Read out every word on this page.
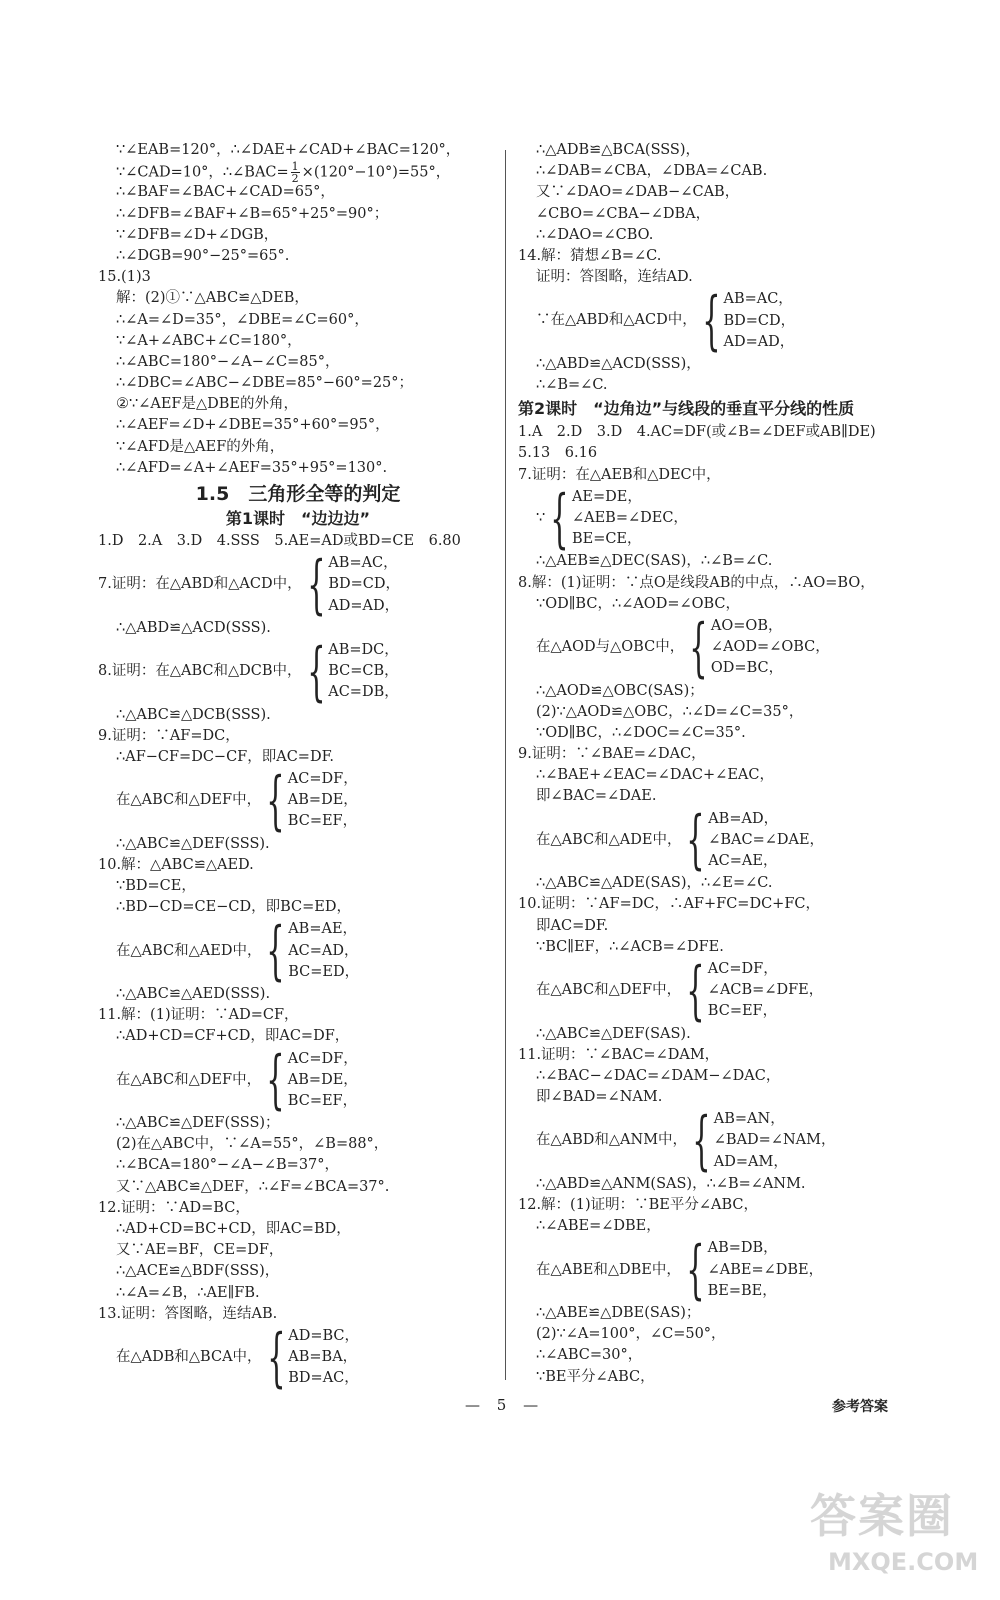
∵∠EAB=120°，∴∠DAE+∠CAD+∠BAC=120°，
∵∠CAD=10°，∴∠BAC= $\frac{1}{2} \times(120^\circ-10^\circ)=55^\circ$，
∴∠BAF=∠BAC+∠CAD=65°，
∴∠DFB=∠BAF+∠B=65°+25°=90°；
∵∠DFB=∠D+∠DGB，
∴∠DGB=90°−25°=65°.
15.(1)3
解：(2)①∵△ABC≌△DEB，
∴∠A=∠D=35°，∠DBE=∠C=60°，
∵∠A+∠ABC+∠C=180°，
∴∠ABC=180°−∠A−∠C=85°，
∴∠DBC=∠ABC−∠DBE=85°−60°=25°；
②∵∠AEF是△DBE的外角，
∴∠AEF=∠D+∠DBE=35°+60°=95°，
∵∠AFD是△AEF的外角，
∴∠AFD=∠A+∠AEF=35°+95°=130°.
1.5　三角形全等的判定
第1课时　“边边边”
1.D　2.A　3.D　4.SSS　5.AE=AD或BD=CE　6.80
7.证明：在△ABD和△ACD中， { AB=AC，
BD=CD，
AD=AD，
∴△ABD≌△ACD(SSS).
8.证明：在△ABC和△DCB中， { AB=DC，
BC=CB，
AC=DB，
∴△ABC≌△DCB(SSS).
9.证明：∵AF=DC，
∴AF−CF=DC−CF，即AC=DF.
在△ABC和△DEF中， { AC=DF，
AB=DE，
BC=EF，
∴△ABC≌△DEF(SSS).
10.解：△ABC≌△AED.
∵BD=CE，
∴BD−CD=CE−CD，即BC=ED，
在△ABC和△AED中， { AB=AE，
AC=AD，
BC=ED，
∴△ABC≌△AED(SSS).
11.解：(1)证明：∵AD=CF，
∴AD+CD=CF+CD，即AC=DF，
在△ABC和△DEF中， { AC=DF，
AB=DE，
BC=EF，
∴△ABC≌△DEF(SSS)；
(2)在△ABC中，∵∠A=55°，∠B=88°，
∴∠BCA=180°−∠A−∠B=37°，
又∵△ABC≌△DEF，∴∠F=∠BCA=37°.
12.证明：∵AD=BC，
∴AD+CD=BC+CD，即AC=BD，
又∵AE=BF，CE=DF，
∴△ACE≌△BDF(SSS)，
∴∠A=∠B，∴AE∥FB.
13.证明：答图略，连结AB.
在△ADB和△BCA中， { AD=BC，
AB=BA，
BD=AC，
∴△ADB≌△BCA(SSS)，
∴∠DAB=∠CBA，∠DBA=∠CAB.
又∵∠DAO=∠DAB−∠CAB，
∠CBO=∠CBA−∠DBA，
∴∠DAO=∠CBO.
14.解：猜想∠B=∠C.
证明：答图略，连结AD.
∵在△ABD和△ACD中， { AB=AC，
BD=CD，
AD=AD，
∴△ABD≌△ACD(SSS)，
∴∠B=∠C.
第2课时　“边角边”与线段的垂直平分线的性质
1.A　2.D　3.D　4.AC=DF(或∠B=∠DEF或AB∥DE)
5.13　6.16
7.证明：在△AEB和△DEC中，
∵ { AE=DE，
∠AEB=∠DEC，
BE=CE，
∴△AEB≌△DEC(SAS)，∴∠B=∠C.
8.解：(1)证明：∵点O是线段AB的中点，∴AO=BO，
∵OD∥BC，∴∠AOD=∠OBC，
在△AOD与△OBC中， { AO=OB，
∠AOD=∠OBC，
OD=BC，
∴△AOD≌△OBC(SAS)；
(2)∵△AOD≌△OBC，∴∠D=∠C=35°，
∵OD∥BC，∴∠DOC=∠C=35°.
9.证明：∵∠BAE=∠DAC，
∴∠BAE+∠EAC=∠DAC+∠EAC，
即∠BAC=∠DAE.
在△ABC和△ADE中， { AB=AD，
∠BAC=∠DAE，
AC=AE，
∴△ABC≌△ADE(SAS)，∴∠E=∠C.
10.证明：∵AF=DC，∴AF+FC=DC+FC，
即AC=DF.
∵BC∥EF，∴∠ACB=∠DFE.
在△ABC和△DEF中， { AC=DF，
∠ACB=∠DFE，
BC=EF，
∴△ABC≌△DEF(SAS).
11.证明：∵∠BAC=∠DAM，
∴∠BAC−∠DAC=∠DAM−∠DAC，
即∠BAD=∠NAM.
在△ABD和△ANM中， { AB=AN，
∠BAD=∠NAM，
AD=AM，
∴△ABD≌△ANM(SAS)，∴∠B=∠ANM.
12.解：(1)证明：∵BE平分∠ABC，
∴∠ABE=∠DBE，
在△ABE和△DBE中， { AB=DB，
∠ABE=∠DBE，
BE=BE，
∴△ABE≌△DBE(SAS)；
(2)∵∠A=100°，∠C=50°，
∴∠ABC=30°，
∵BE平分∠ABC，
— 5 —	参考答案
答案圈
MXQE.COM
